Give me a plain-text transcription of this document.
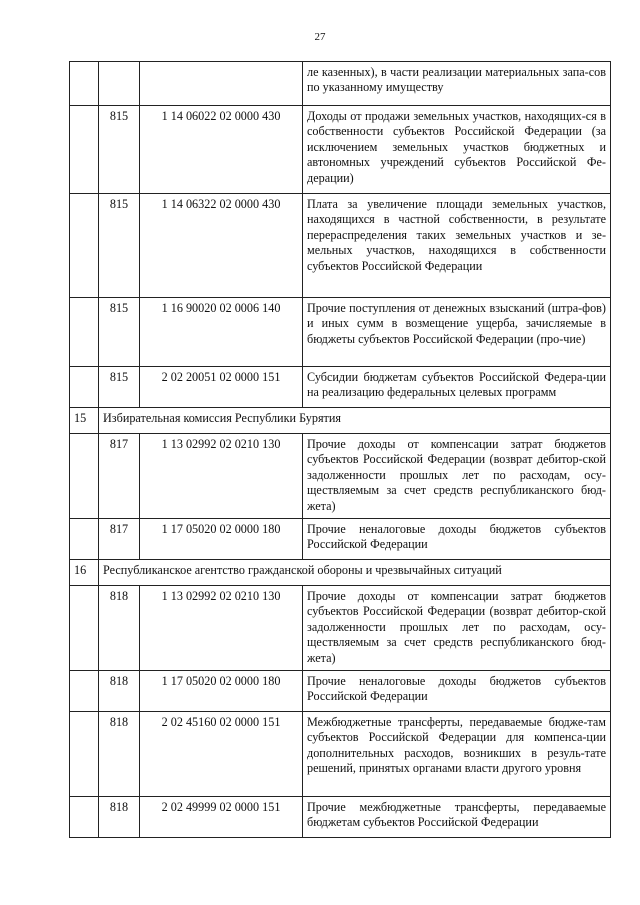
27
			ле казенных), в части реализации материальных запа-сов по указанному имуществу
	815	1 14 06022 02 0000 430	Доходы от продажи земельных участков, находящих-ся в собственности субъектов Российской Федерации (за исключением земельных участков бюджетных и автономных учреждений субъектов Российской Фе-дерации)
	815	1 14 06322 02 0000 430	Плата за увеличение площади земельных участков, находящихся в частной собственности, в результате перераспределения таких земельных участков и зе-мельных участков, находящихся в собственности субъектов Российской Федерации
	815	1 16 90020 02 0006 140	Прочие поступления от денежных взысканий (штра-фов) и иных сумм в возмещение ущерба, зачисляемые в бюджеты субъектов Российской Федерации (про-чие)
	815	2 02 20051 02 0000 151	Субсидии бюджетам субъектов Российской Федера-ции на реализацию федеральных целевых программ
15	Избирательная комиссия Республики Бурятия		
	817	1 13 02992 02 0210 130	Прочие доходы от компенсации затрат бюджетов субъектов Российской Федерации (возврат дебитор-ской задолженности прошлых лет по расходам, осу-ществляемым за счет средств республиканского бюд-жета)
	817	1 17 05020 02 0000 180	Прочие неналоговые доходы бюджетов субъектов Российской Федерации
16	Республиканское агентство гражданской обороны и чрезвычайных ситуаций		
	818	1 13 02992 02 0210 130	Прочие доходы от компенсации затрат бюджетов субъектов Российской Федерации (возврат дебитор-ской задолженности прошлых лет по расходам, осу-ществляемым за счет средств республиканского бюд-жета)
	818	1 17 05020 02 0000 180	Прочие неналоговые доходы бюджетов субъектов Российской Федерации
	818	2 02 45160 02 0000 151	Межбюджетные трансферты, передаваемые бюдже-там субъектов Российской Федерации для компенса-ции дополнительных расходов, возникших в резуль-тате решений, принятых органами власти другого уровня
	818	2 02 49999 02 0000 151	Прочие межбюджетные трансферты, передаваемые бюджетам субъектов Российской Федерации
